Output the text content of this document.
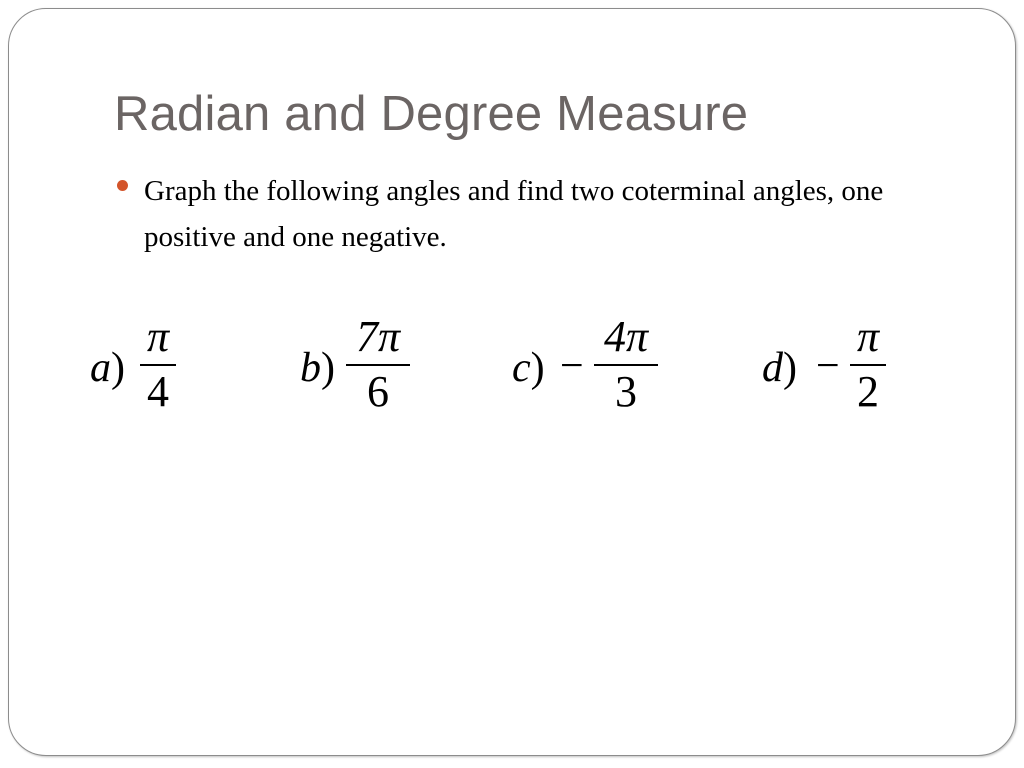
Radian and Degree Measure
Graph the following angles and find two coterminal angles, one positive and one negative.
a)
π
4	b)
7π
6	c) −
4π
3	d) −
π
2
